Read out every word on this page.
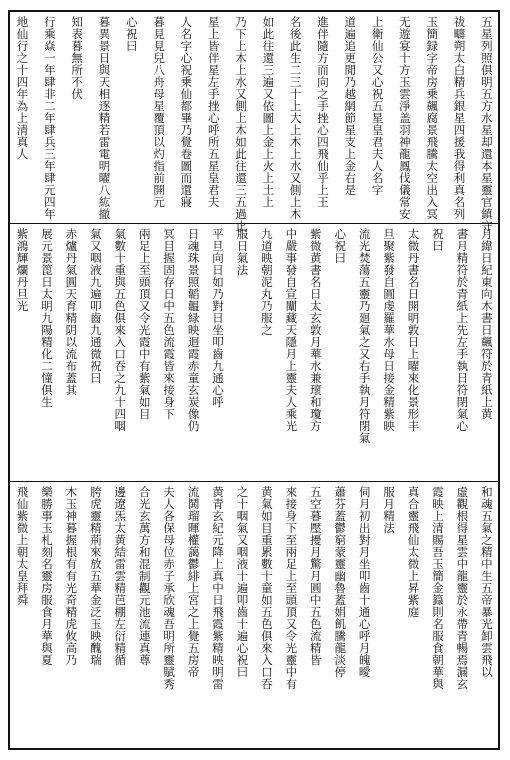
五星列照俱明五方水星却還本星靈官鎮守
祓疇朔太白精兵銀星四援我得利真名列
玉簡録字帝房乗飆腐景飛騰太空出入冥
无遊宴十方玉雲淨盖羽神龍鳳伐儀常安
上衛仙公又心祝五星皇君夫人名字
道遍追更閒乃越網節星支上金右是
進伴隨方而向之手挫心四飛仙乎上王
名後此生二三十上大上木上水又側上木
如此往還三遍又依圖上金上火上土上
乃下上木上水又側上木如此往還三五過止
星上皆伴星左手挫心呼所五星皇君夫
人名字心祝乗仙都畢乃覺卷圖而還寢
暮見見兒八舟母星覆頂以灼指前開元
心祝曰
暮異景日與天相逐精若雷電明曜八紘撤
知表暮無所不伏
行乘焱一年肆非二年肆兵三年肆元四年
地仙行之十四年為上清真人
月緯日紀東向木書日飆符於青紙上黄
書月精符於青紙上先左手執日符閉氣心
祝曰
太微丹書名日開明敦日上曜來化景形丰
旦聚紫發自圓虔羅華水母日接金精紫映
流光焚蕩五靈乃廻氣之又右手執月符閉氣
心祝曰
紫微黄書名日太玄敦月華水兼瓌和瓊方
中嚴事發自宣闡藏天隱月上靈夫人乘光
九道映朝泥丸乃服之
服日氣法
平旦向日如乃對日坐叩齒九通心呼
日魂珠景照韜韞緑映迴霞赤童玄炭像仍
冥目握固存日中五色流霞皆來接身下
兩足上至頭頂又令光霞中有紫氣如目
氣數十重與五色俱來入口吞之九十四咽
氣又咽液九遍叩齒九通微祝曰
赤爐丹氣圓天育精阴以流布蓋其
展元景箆日太明九陽精化二憧俱生
紫鴻輝爛丹旦光
和魂五氣之精中生五帝暴光卸雲飛以
虛觀根得星雲中龍靈於永帶青暢焉漏玄
霞映上清賜吾玉簡金籙則名服食朝華與
真合靈飛仙太微上昇紫庭
服月精法
伺月初出對月坐叩齒十通心呼月魄曖
蕭芬蓋鬱窮蒙靈幽魯蓋娟飢騰龍淡停
五空暮壓擾月驚月圓中五色流精皆
來接身下至兩足上至頭頂又令光靈中有
黄氣如目重累數十童如五色俱來入口吞
之十咽氣又咽液十遍叩齒十遍心祝曰
黄青玄紀元降上真中日飛霞紫精映明雷
流鬨瑠暉權藹鬱緋上宮之上覺五房帝
夫人各保母位赤子承欣魂吾明所靈賦秀
合光玄萬方和混制觀元池流連真尊
邊遼炁太黄結雷雲精芭棚左衍精循
胯虎靈精荊來放五華金泛玉映醜瑞
木玉神暮握根有有光奇精虎攸高乃
樂勝事玉札刻名靈房服食月華與夏
飛仙紫微上朝太皇拜舜
